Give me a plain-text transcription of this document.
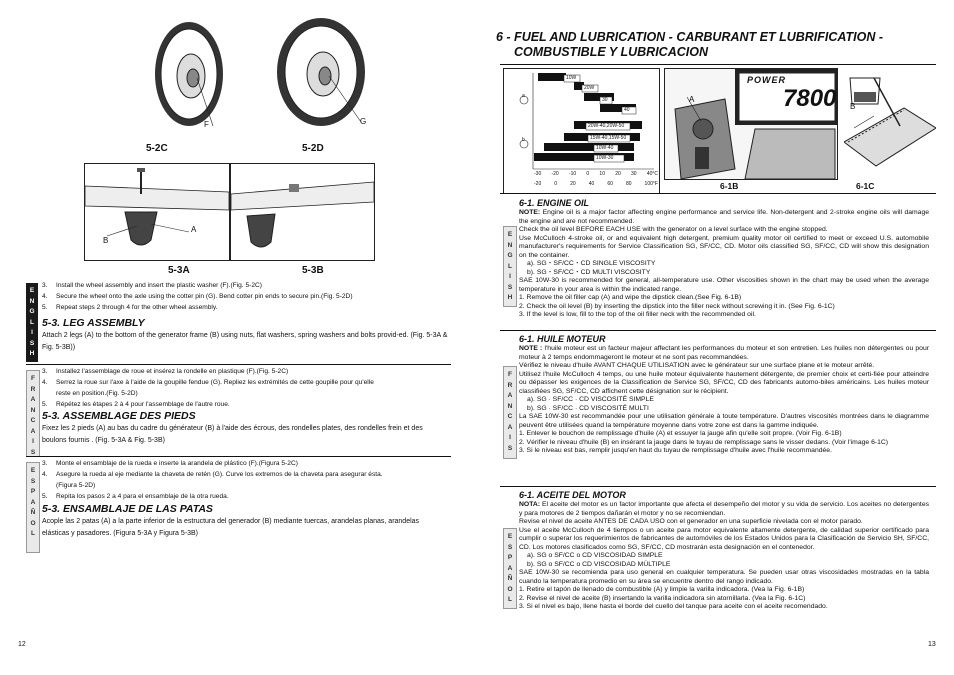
F
5-2C
G
5-2D
B
A
5-3A	5-3B
E
N
G
L
I
S
H
3.	Install the wheel assembly and insert the plastic washer (F).(Fig. 5-2C)
4.	Secure the wheel onto the axle using the cotter pin (G). Bend cotter pin ends to secure pin.(Fig. 5-2D)
5.	Repeat steps 2 through 4 for the other wheel assembly.
5-3. LEG ASSEMBLY
Attach 2 legs (A) to the bottom of the generator frame (B) using nuts, flat washers, spring washers and bolts provid-ed. (Fig. 5-3A & Fig. 5-3B))
F
R
A
N
C
A
I
S
3.	Installez l'assemblage de roue et insérez la rondelle en plastique (F).(Fig. 5-2C)
4.	Serrez la roue sur l'axe à l'aide de la goupille fendue (G). Repliez les extrémités de cette goupille pour qu'elle
reste en position.(Fig. 5-2D)
5.	Répétez les étapes 2 à 4 pour l'assemblage de l'autre roue.
5-3. ASSEMBLAGE DES PIEDS
Fixez les 2 pieds (A) au bas du cadre du générateur (B) à l'aide des écrous, des rondelles plates, des rondelles frein et des boulons fournis . (Fig. 5-3A & Fig. 5-3B)
E
S
P
A
Ñ
O
L
3.	Monte el ensamblaje de la rueda e inserte la arandela de plástico (F).(Figura 5-2C)
4.	Asegure la rueda al eje mediante la chaveta de retén (G). Curve los extremos de la chaveta para asegurar ésta.
(Figura 5-2D)
5.	Repita los pasos 2 a 4 para el ensamblaje de la otra rueda.
5-3. ENSAMBLAJE DE LAS PATAS
Acople las 2 patas (A) a la parte inferior de la estructura del generador (B) mediante tuercas, arandelas planas, arandelas elásticas y pasadores. (Figura 5-3A y Figura 5-3B)
12
6 - FUEL AND LUBRICATION - CARBURANT ET LUBRIFICATION -
COMBUSTIBLE Y LUBRICACION
a
b
10W
20W
20 30
40
20W-40,20W-50
15W-40,15W-50
10W-40
10W-30
-30 -20 -10 0 10 20 30 40°C
-20	0	20	40	60	80	100°F
POWER
7800
A
6-1B
B
6-1C
E
N
G
L
I
S
H
6-1. ENGINE OIL
NOTE: Engine oil is a major factor affecting engine performance and service life. Non-detergent and 2-stroke engine oils will damage the engine and are not recommended.
Check the oil level BEFORE EACH USE with the generator on a level surface with the engine stopped.
Use McCulloch 4-stroke oil, or and equivalent high detergent, premium quality motor oil certified to meet or exceed U.S. automobile manufacturer's requirements for Service Classification SG, SF/CC, CD. Motor oils classified SG, SF/CC, CD will show this designation on the container.
a). SG・SF/CC・CD SINGLE VISCOSITY
b). SG・SF/CC・CD MULTI VISCOSITY
SAE 10W-30 is recommended for general, all-temperature use. Other viscosities shown in the chart may be used when the average temperature in your area is within the indicated range.
1. Remove the oil filler cap (A) and wipe the dipstick clean.(See Fig. 6-1B)
2. Check the oil level (B) by inserting the dipstick into the filler neck without screwing it in. (See Fig. 6-1C)
3. If the level is low, fill to the top of the oil filler neck with the recommended oil.
F
R
A
N
C
A
I
S
6-1. HUILE MOTEUR
NOTE : l'huile moteur est un facteur majeur affectant les performances du moteur et son entretien. Les huiles non détergentes ou pour moteur à 2 temps endommageront le moteur et ne sont pas recommandées.
Vérifiez le niveau d'huile AVANT CHAQUE UTILISATION avec le générateur sur une surface plane et le moteur arrêté.
Utilisez l'huile McCulloch 4 temps, ou une huile moteur équivalente hautement détergente, de premier choix et certi-fiée pour atteindre ou dépasser les exigences de la Classification de Service SG, SF/CC, CD des fabricants automo-biles américains. Les huiles moteur classifiées SG, SF/CC, CD affichent cette désignation sur le récipient.
a). SG · SF/CC · CD VISCOSITÉ SIMPLE
b). SG · SF/CC · CD VISCOSITÉ MULTI
La SAE 10W-30 est recommandée pour une utilisation générale à toute température. D'autres viscosités montrées dans le diagramme peuvent être utilisées quand la température moyenne dans votre zone est dans la gamme indiquée.
1. Enlever le bouchon de remplissage d'huile (A) et essuyer la jauge afin qu'elle soit propre. (Voir Fig. 6-1B)
2. Vérifier le niveau d'huile (B) en insérant la jauge dans le tuyau de remplissage sans le visser dedans. (Voir l'image 6-1C)
3. Si le niveau est bas, remplir jusqu'en haut du tuyau de remplissage d'huile avec l'huile recommandée.
E
S
P
A
Ñ
O
L
6-1. ACEITE DEL MOTOR
NOTA: El aceite del motor es un factor importante que afecta el desempeño del motor y su vida de servicio. Los aceites no detergentes y para motores de 2 tiempos dañarán el motor y no se recomiendan.
Revise el nivel de aceite ANTES DE CADA USO con el generador en una superficie nivelada con el motor parado.
Use el aceite McCulloch de 4 tiempos o un aceite para motor equivalente altamente detergente, de calidad superior certificado para cumplir o superar los requerimientos de fabricantes de automóviles de los Estados Unidos para la Clasificación de Servicio SH, SF/CC, CD. Los motores clasificados como SG, SF/CC, CD mostrarán esta designación en el contenedor.
a). SG o SF/CC o CD VISCOSIDAD SIMPLE
b). SG o SF/CC o CD VISCOSIDAD MÚLTIPLE
SAE 10W-30 se recomienda para uso general en cualquier temperatura. Se pueden usar otras viscosidades mostradas en la tabla cuando la temperatura promedio en su área se encuentre dentro del rango indicado.
1. Retire el tapón de llenado de combustible (A) y limpie la varilla indicadora. (Vea la Fig. 6-1B)
2. Revise el nivel de aceite (B) insertando la varilla indicadora sin atornillarla. (Vea la Fig. 6-1C)
3. Si el nivel es bajo, llene hasta el borde del cuello del tanque para aceite con el aceite recomendado.
13
